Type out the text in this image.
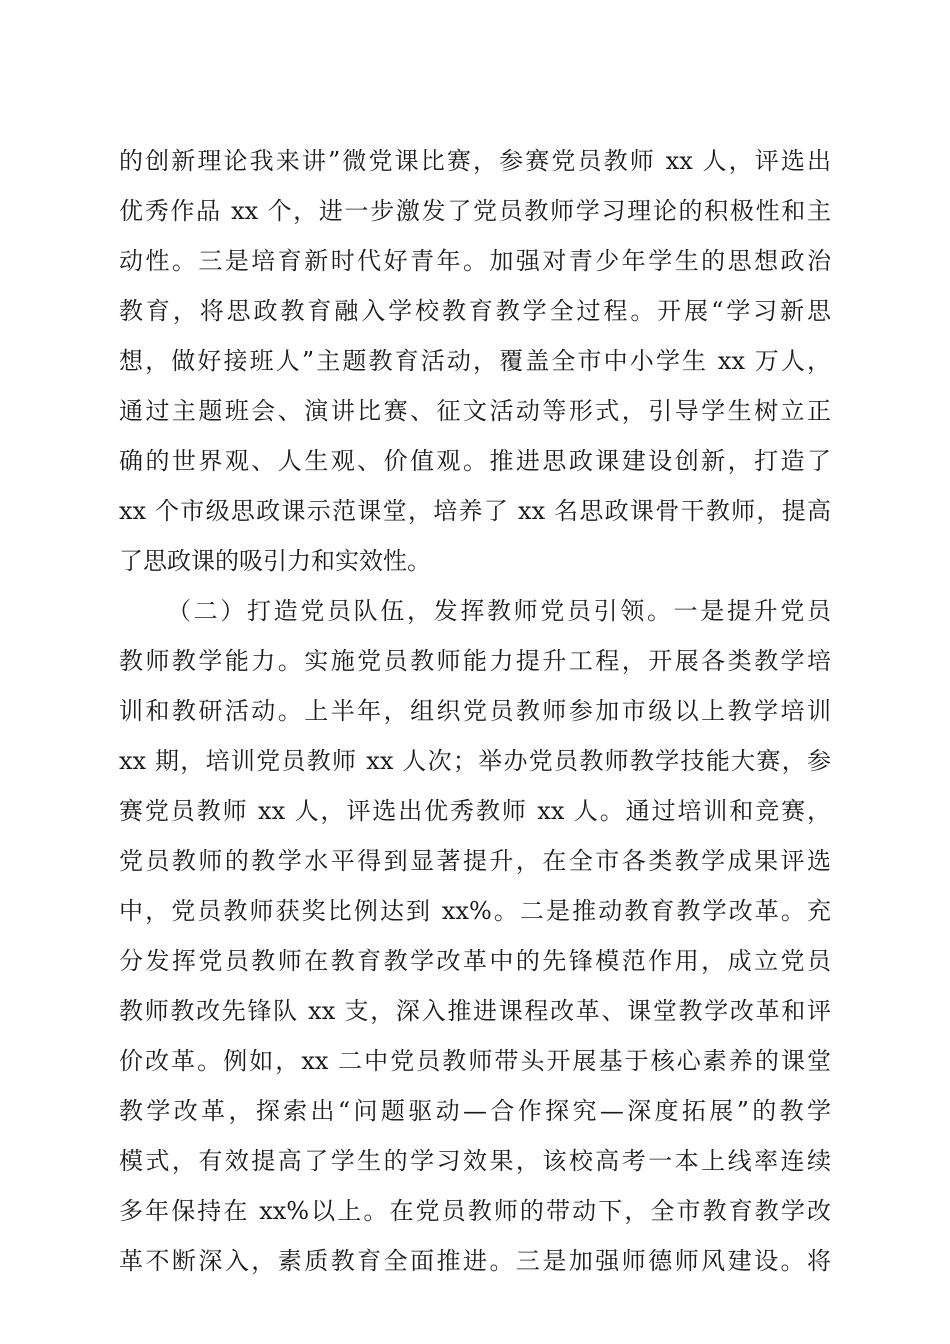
的创新理论我来讲”微党课比赛，参赛党员教师 xx 人，评选出
优秀作品 xx 个，进一步激发了党员教师学习理论的积极性和主
动性。三是培育新时代好青年。加强对青少年学生的思想政治
教育，将思政教育融入学校教育教学全过程。开展“学习新思
想，做好接班人”主题教育活动，覆盖全市中小学生 xx 万人，
通过主题班会、演讲比赛、征文活动等形式，引导学生树立正
确的世界观、人生观、价值观。推进思政课建设创新，打造了
xx 个市级思政课示范课堂，培养了 xx 名思政课骨干教师，提高
了思政课的吸引力和实效性。
（二）打造党员队伍，发挥教师党员引领。一是提升党员
教师教学能力。实施党员教师能力提升工程，开展各类教学培
训和教研活动。上半年，组织党员教师参加市级以上教学培训
xx 期，培训党员教师 xx 人次；举办党员教师教学技能大赛，参
赛党员教师 xx 人，评选出优秀教师 xx 人。通过培训和竞赛，
党员教师的教学水平得到显著提升，在全市各类教学成果评选
中，党员教师获奖比例达到 xx%。二是推动教育教学改革。充
分发挥党员教师在教育教学改革中的先锋模范作用，成立党员
教师教改先锋队 xx 支，深入推进课程改革、课堂教学改革和评
价改革。例如，xx 二中党员教师带头开展基于核心素养的课堂
教学改革，探索出“问题驱动—合作探究—深度拓展”的教学
模式，有效提高了学生的学习效果，该校高考一本上线率连续
多年保持在 xx%以上。在党员教师的带动下，全市教育教学改
革不断深入，素质教育全面推进。三是加强师德师风建设。将
